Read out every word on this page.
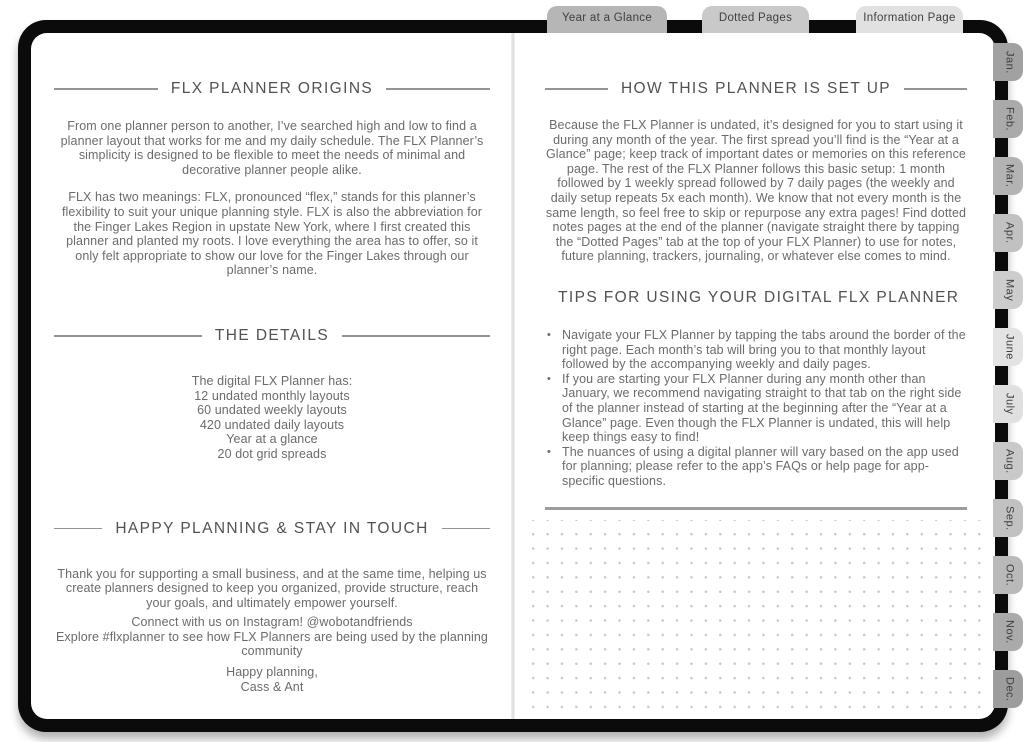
Year at a Glance	Dotted Pages	Information Page
Jan.
Feb.
Mar.
Apr.
May
June
July
Aug.
Sep.
Oct.
Nov.
Dec.
FLX PLANNER ORIGINS

From one planner person to another, I’ve searched high and low to find a planner layout that works for me and my daily schedule. The FLX Planner’s simplicity is designed to be flexible to meet the needs of minimal and decorative planner people alike.

FLX has two meanings: FLX, pronounced “flex,” stands for this planner’s flexibility to suit your unique planning style. FLX is also the abbreviation for the Finger Lakes Region in upstate New York, where I first created this planner and planted my roots. I love everything the area has to offer, so it only felt appropriate to show our love for the Finger Lakes through our planner’s name.

THE DETAILS
The digital FLX Planner has:
12 undated monthly layouts
60 undated weekly layouts
420 undated daily layouts
Year at a glance
20 dot grid spreads
HAPPY PLANNING & STAY IN TOUCH

Thank you for supporting a small business, and at the same time, helping us create planners designed to keep you organized, provide structure, reach your goals, and ultimately empower yourself.

Connect with us on Instagram! @wobotandfriends
Explore #flxplanner to see how FLX Planners are being used by the planning community
Happy planning,
Cass & Ant
HOW THIS PLANNER IS SET UP

Because the FLX Planner is undated, it’s designed for you to start using it during any month of the year. The first spread you’ll find is the “Year at a Glance” page; keep track of important dates or memories on this reference page. The rest of the FLX Planner follows this basic setup: 1 month followed by 1 weekly spread followed by 7 daily pages (the weekly and daily setup repeats 5x each month). We know that not every month is the same length, so feel free to skip or repurpose any extra pages! Find dotted notes pages at the end of the planner (navigate straight there by tapping the “Dotted Pages” tab at the top of your FLX Planner) to use for notes, future planning, trackers, journaling, or whatever else comes to mind.

TIPS FOR USING YOUR DIGITAL FLX PLANNER
• Navigate your FLX Planner by tapping the tabs around the border of the right page. Each month’s tab will bring you to that monthly layout followed by the accompanying weekly and daily pages.
• If you are starting your FLX Planner during any month other than January, we recommend navigating straight to that tab on the right side of the planner instead of starting at the beginning after the “Year at a Glance” page. Even though the FLX Planner is undated, this will help keep things easy to find!
• The nuances of using a digital planner will vary based on the app used for planning; please refer to the app’s FAQs or help page for app-specific questions.
